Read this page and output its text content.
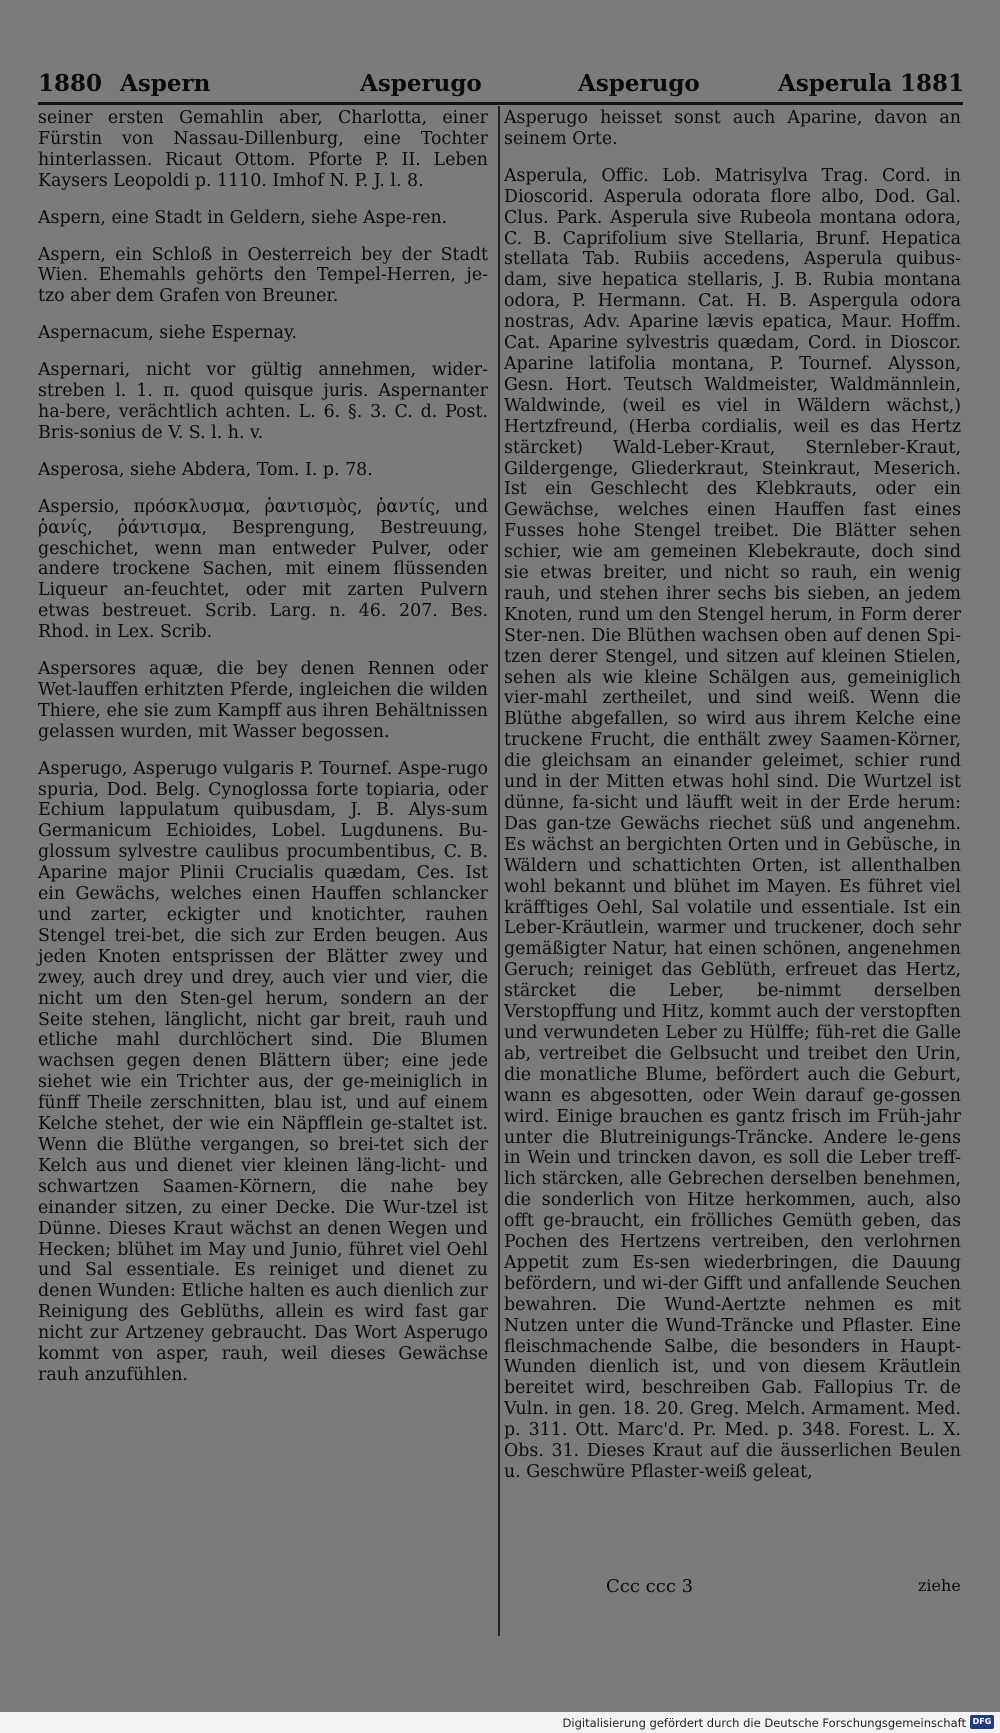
1880 Aspern	Asperugo	Asperugo	Asperula 1881

seiner ersten Gemahlin aber, Charlotta, einer Fürstin von Nassau-Dillenburg, eine Tochter hinterlassen. Ricaut Ottom. Pforte P. II. Leben Kaysers Leopoldi p. 1110. Imhof N. P. J. l. 8.

Aspern, eine Stadt in Geldern, siehe Aspe-ren.

Aspern, ein Schloß in Oesterreich bey der Stadt Wien. Ehemahls gehörts den Tempel-Herren, je-tzo aber dem Grafen von Breuner.

Aspernacum, siehe Espernay.

Aspernari, nicht vor gültig annehmen, wider-streben l. 1. π. quod quisque juris. Aspernanter ha-bere, verächtlich achten. L. 6. §. 3. C. d. Post. Bris-sonius de V. S. l. h. v.

Asperosa, siehe Abdera, Tom. I. p. 78.

Aspersio, πρόσκλυσμα, ῥαντισμὸς, ῥαντίς, und ῥανίς, ῥάντισμα, Besprengung, Bestreuung, geschichet, wenn man entweder Pulver, oder andere trockene Sachen, mit einem flüssenden Liqueur an-feuchtet, oder mit zarten Pulvern etwas bestreuet. Scrib. Larg. n. 46. 207. Bes. Rhod. in Lex. Scrib.

Aspersores aquæ, die bey denen Rennen oder Wet-lauffen erhitzten Pferde, ingleichen die wilden Thiere, ehe sie zum Kampff aus ihren Behältnissen gelassen wurden, mit Wasser begossen.

Asperugo, Asperugo vulgaris P. Tournef. Aspe-rugo spuria, Dod. Belg. Cynoglossa forte topiaria, oder Echium lappulatum quibusdam, J. B. Alys-sum Germanicum Echioides, Lobel. Lugdunens. Bu-glossum sylvestre caulibus procumbentibus, C. B. Aparine major Plinii Crucialis quædam, Ces. Ist ein Gewächs, welches einen Hauffen schlancker und zarter, eckigter und knotichter, rauhen Stengel trei-bet, die sich zur Erden beugen. Aus jeden Knoten entsprissen der Blätter zwey und zwey, auch drey und drey, auch vier und vier, die nicht um den Sten-gel herum, sondern an der Seite stehen, länglicht, nicht gar breit, rauh und etliche mahl durchlöchert sind. Die Blumen wachsen gegen denen Blättern über; eine jede siehet wie ein Trichter aus, der ge-meiniglich in fünff Theile zerschnitten, blau ist, und auf einem Kelche stehet, der wie ein Näpfflein ge-staltet ist. Wenn die Blüthe vergangen, so brei-tet sich der Kelch aus und dienet vier kleinen läng-licht- und schwartzen Saamen-Körnern, die nahe bey einander sitzen, zu einer Decke. Die Wur-tzel ist Dünne. Dieses Kraut wächst an denen Wegen und Hecken; blühet im May und Junio, führet viel Oehl und Sal essentiale. Es reiniget und dienet zu denen Wunden: Etliche halten es auch dienlich zur Reinigung des Geblüths, allein es wird fast gar nicht zur Artzeney gebraucht. Das Wort Asperugo kommt von asper, rauh, weil dieses Gewächse rauh anzufühlen.

Asperugo heisset sonst auch Aparine, davon an seinem Orte.

Asperula, Offic. Lob. Matrisylva Trag. Cord. in Dioscorid. Asperula odorata flore albo, Dod. Gal. Clus. Park. Asperula sive Rubeola montana odora, C. B. Caprifolium sive Stellaria, Brunf. Hepatica stellata Tab. Rubiis accedens, Asperula quibus-dam, sive hepatica stellaris, J. B. Rubia montana odora, P. Hermann. Cat. H. B. Aspergula odora nostras, Adv. Aparine lævis epatica, Maur. Hoffm. Cat. Aparine sylvestris quædam, Cord. in Dioscor. Aparine latifolia montana, P. Tournef. Alysson, Gesn. Hort. Teutsch Waldmeister, Waldmännlein, Waldwinde, (weil es viel in Wäldern wächst,) Hertzfreund, (Herba cordialis, weil es das Hertz stärcket) Wald-Leber-Kraut, Sternleber-Kraut, Gildergenge, Gliederkraut, Steinkraut, Meserich. Ist ein Geschlecht des Klebkrauts, oder ein Gewächse, welches einen Hauffen fast eines Fusses hohe Stengel treibet. Die Blätter sehen schier, wie am gemeinen Klebekraute, doch sind sie etwas breiter, und nicht so rauh, ein wenig rauh, und stehen ihrer sechs bis sieben, an jedem Knoten, rund um den Stengel herum, in Form derer Ster-nen. Die Blüthen wachsen oben auf denen Spi-tzen derer Stengel, und sitzen auf kleinen Stielen, sehen als wie kleine Schälgen aus, gemeiniglich vier-mahl zertheilet, und sind weiß. Wenn die Blüthe abgefallen, so wird aus ihrem Kelche eine truckene Frucht, die enthält zwey Saamen-Körner, die gleichsam an einander geleimet, schier rund und in der Mitten etwas hohl sind. Die Wurtzel ist dünne, fa-sicht und läufft weit in der Erde herum: Das gan-tze Gewächs riechet süß und angenehm. Es wächst an bergichten Orten und in Gebüsche, in Wäldern und schattichten Orten, ist allenthalben wohl bekannt und blühet im Mayen. Es führet viel kräfftiges Oehl, Sal volatile und essentiale. Ist ein Leber-Kräutlein, warmer und truckener, doch sehr gemäßigter Natur, hat einen schönen, angenehmen Geruch; reiniget das Geblüth, erfreuet das Hertz, stärcket die Leber, be-nimmt derselben Verstopffung und Hitz, kommt auch der verstopften und verwundeten Leber zu Hülffe; füh-ret die Galle ab, vertreibet die Gelbsucht und treibet den Urin, die monatliche Blume, befördert auch die Geburt, wann es abgesotten, oder Wein darauf ge-gossen wird. Einige brauchen es gantz frisch im Früh-jahr unter die Blutreinigungs-Träncke. Andere le-gens in Wein und trincken davon, es soll die Leber treff-lich stärcken, alle Gebrechen derselben benehmen, die sonderlich von Hitze herkommen, auch, also offt ge-braucht, ein frölliches Gemüth geben, das Pochen des Hertzens vertreiben, den verlohrnen Appetit zum Es-sen wiederbringen, die Dauung befördern, und wi-der Gifft und anfallende Seuchen bewahren. Die Wund-Aertzte nehmen es mit Nutzen unter die Wund-Träncke und Pflaster. Eine fleischmachende Salbe, die besonders in Haupt-Wunden dienlich ist, und von diesem Kräutlein bereitet wird, beschreiben Gab. Fallopius Tr. de Vuln. in gen. 18. 20. Greg. Melch. Armament. Med. p. 311. Ott. Marc'd. Pr. Med. p. 348. Forest. L. X. Obs. 31. Dieses Kraut auf die äusserlichen Beulen u. Geschwüre Pflaster-weiß geleat,

Ccc ccc 3	ziehe
Digitalisierung gefördert durch die Deutsche Forschungsgemeinschaft DFG
